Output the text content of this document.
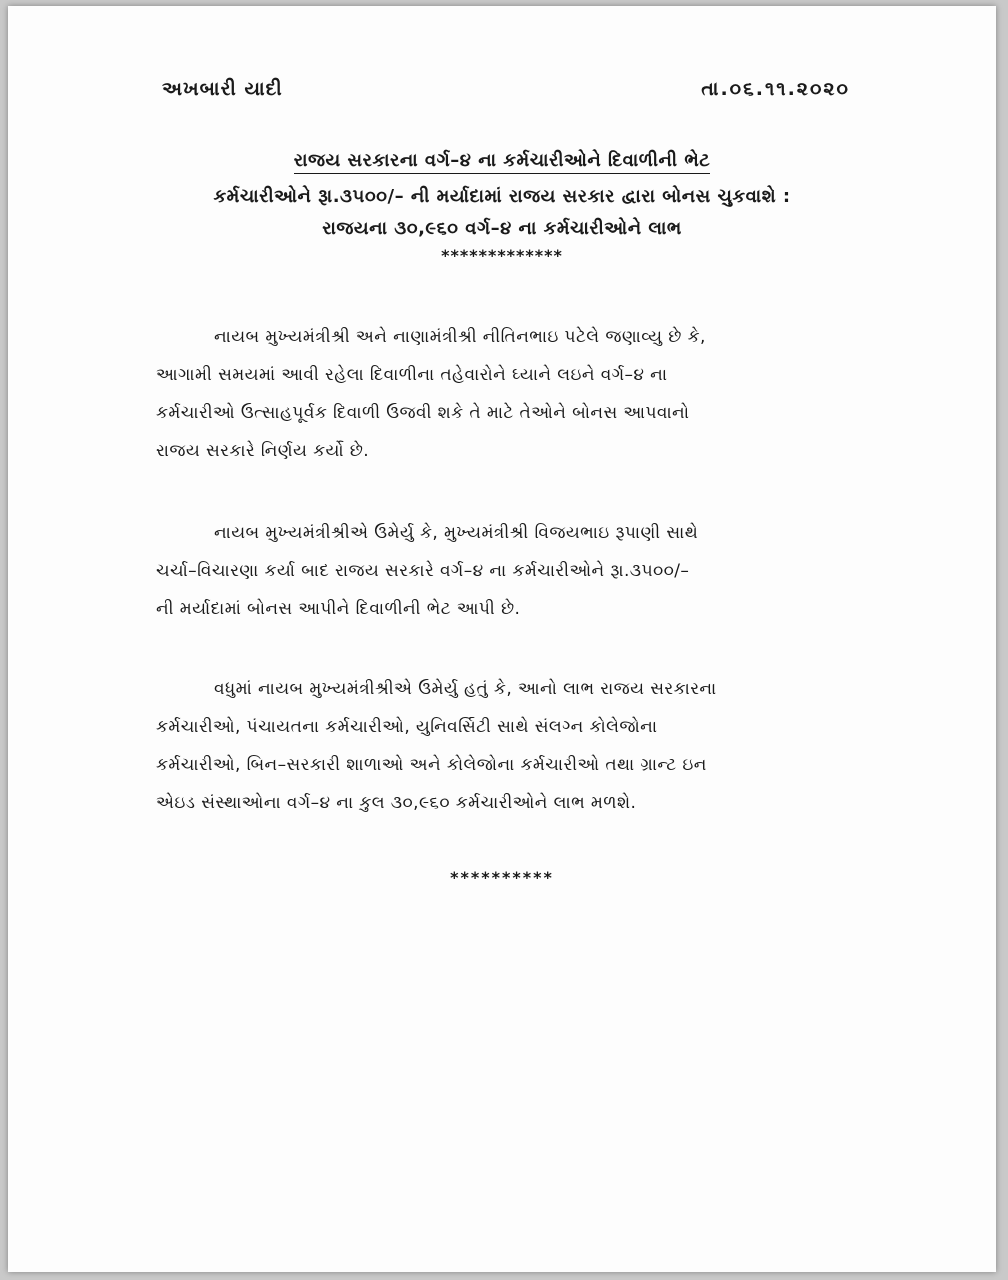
અખબારી યાદી	તા.૦૬.૧૧.૨૦૨૦
રાજય સરકારના વર્ગ–૪ ના કર્મચારીઓને દિવાળીની ભેટ
કર્મચારીઓને રૂા.૩૫૦૦/– ની મર્યાદામાં રાજય સરકાર દ્વારા બોનસ ચુકવાશે :
રાજયના ૩૦,૯૬૦ વર્ગ–૪ ના કર્મચારીઓને લાભ
*************
નાયબ મુખ્યમંત્રીશ્રી અને નાણામંત્રીશ્રી નીતિનભાઇ પટેલે જણાવ્યુ છે કે,
આગામી સમયમાં આવી રહેલા દિવાળીના તહેવારોને ઘ્યાને લઇને વર્ગ–૪ ના
કર્મચારીઓ ઉત્સાહપૂર્વક દિવાળી ઉજવી શકે તે માટે તેઓને બોનસ આપવાનો
રાજય સરકારે નિર્ણય કર્યો છે.
નાયબ મુખ્યમંત્રીશ્રીએ ઉમેર્યુ કે, મુખ્યમંત્રીશ્રી વિજયભાઇ રૂપાણી સાથે
ચર્ચા–વિચારણા કર્યા બાદ રાજય સરકારે વર્ગ–૪ ના કર્મચારીઓને રૂા.૩૫૦૦/–
ની મર્યાદામાં બોનસ આપીને દિવાળીની ભેટ આપી છે.
વધુમાં નાયબ મુખ્યમંત્રીશ્રીએ ઉમેર્યુ હતું કે, આનો લાભ રાજય સરકારના
કર્મચારીઓ, પંચાયતના કર્મચારીઓ, યુનિવર્સિટી સાથે સંલગ્ન કોલેજોના
કર્મચારીઓ, બિન–સરકારી શાળાઓ અને કોલેજોના કર્મચારીઓ તથા ગ્રાન્ટ ઇન
એઇડ સંસ્થાઓના વર્ગ–૪ ના કુલ ૩૦,૯૬૦ કર્મચારીઓને લાભ મળશે.
**********
